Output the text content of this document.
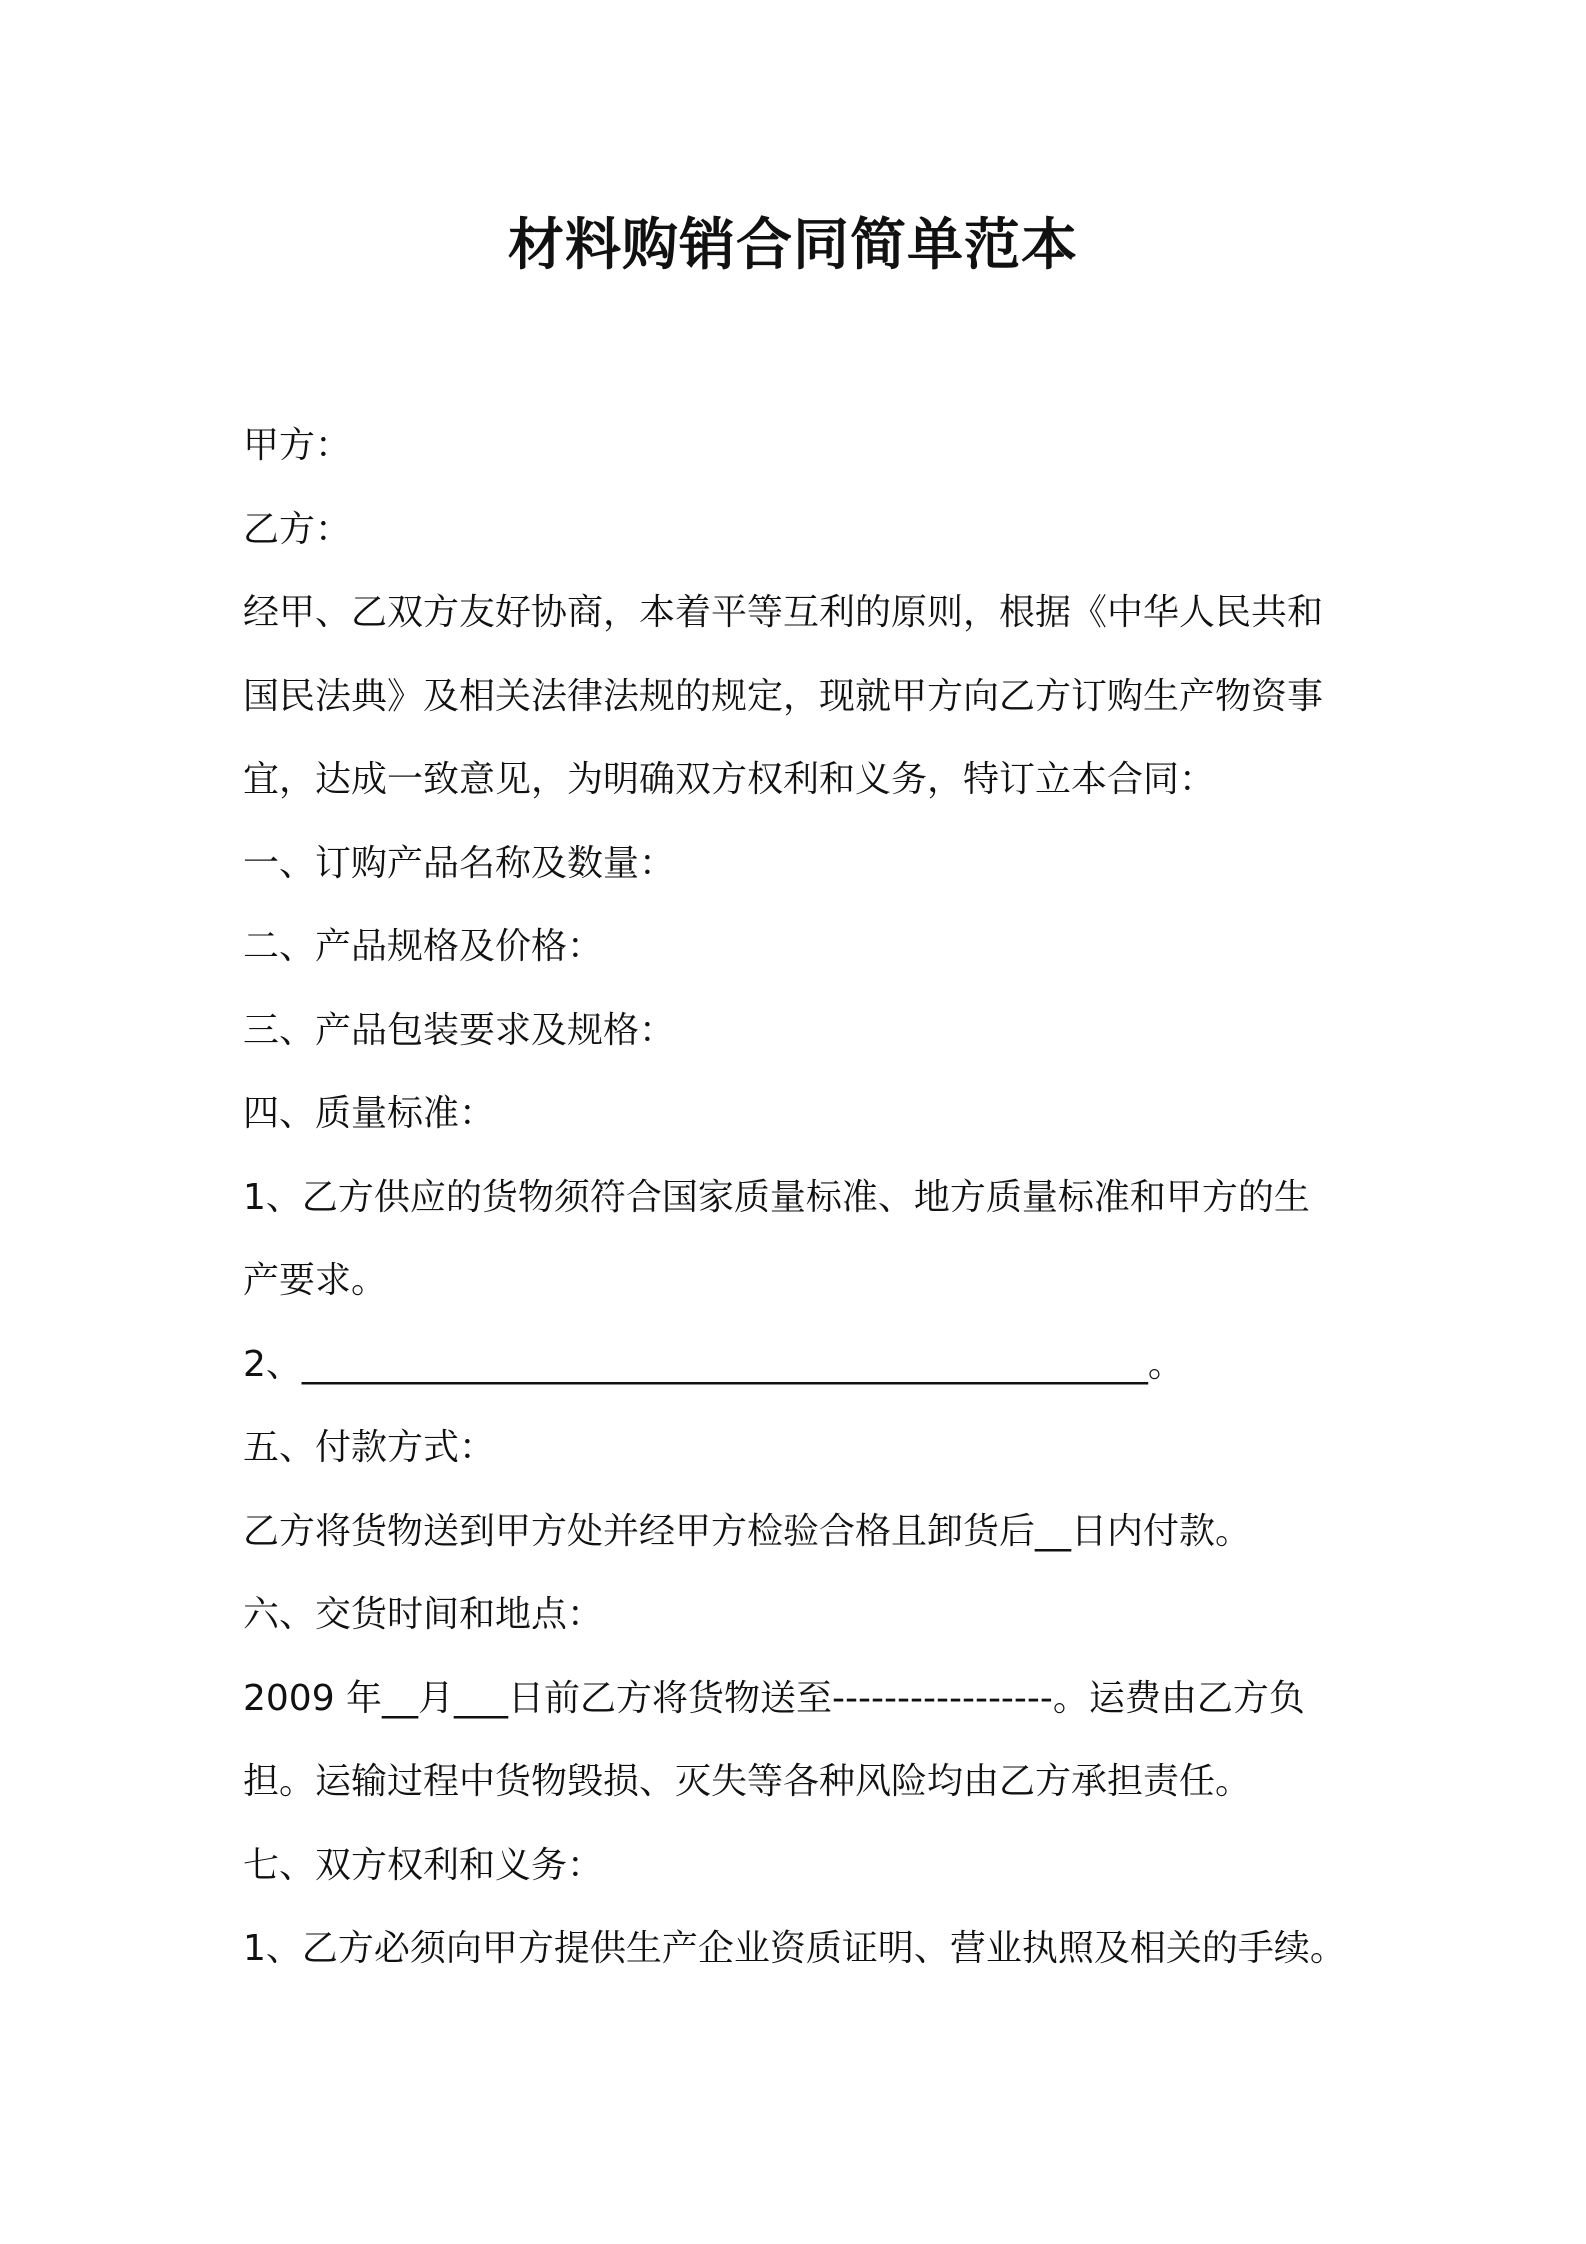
材料购销合同简单范本

甲方：

乙方：

经甲、乙双方友好协商，本着平等互利的原则，根据《中华人民共和

国民法典》及相关法律法规的规定，现就甲方向乙方订购生产物资事

宜，达成一致意见，为明确双方权利和义务，特订立本合同：

一、订购产品名称及数量：

二、产品规格及价格：

三、产品包装要求及规格：

四、质量标准：

1、乙方供应的货物须符合国家质量标准、地方质量标准和甲方的生

产要求。

2、_______________________________________________。

五、付款方式：

乙方将货物送到甲方处并经甲方检验合格且卸货后__日内付款。

六、交货时间和地点：

2009 年__月___日前乙方将货物送至-----------------。运费由乙方负

担。运输过程中货物毁损、灭失等各种风险均由乙方承担责任。

七、双方权利和义务：

1、乙方必须向甲方提供生产企业资质证明、营业执照及相关的手续。
